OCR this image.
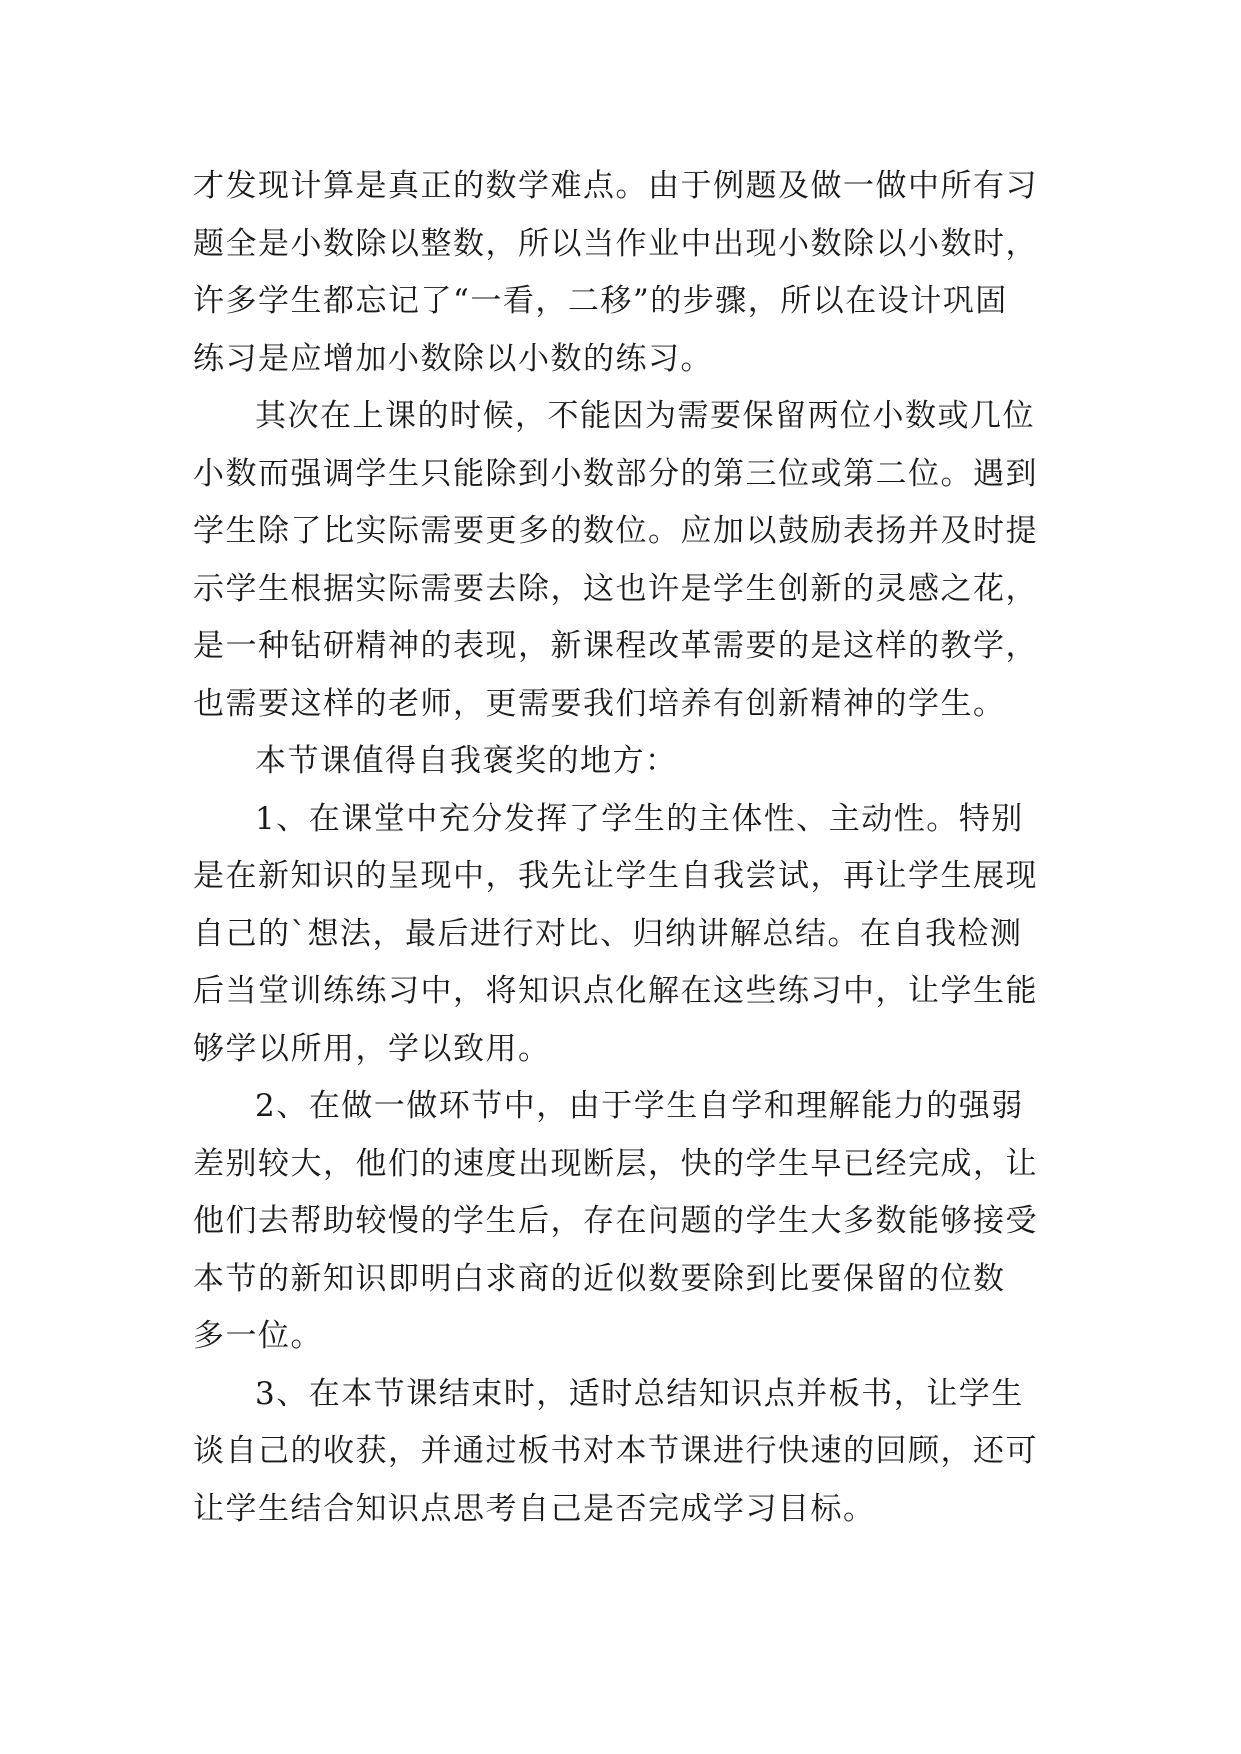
才发现计算是真正的数学难点。由于例题及做一做中所有习
题全是小数除以整数，所以当作业中出现小数除以小数时，
许多学生都忘记了“一看，二移”的步骤，所以在设计巩固
练习是应增加小数除以小数的练习。
其次在上课的时候，不能因为需要保留两位小数或几位
小数而强调学生只能除到小数部分的第三位或第二位。遇到
学生除了比实际需要更多的数位。应加以鼓励表扬并及时提
示学生根据实际需要去除，这也许是学生创新的灵感之花，
是一种钻研精神的表现，新课程改革需要的是这样的教学，
也需要这样的老师，更需要我们培养有创新精神的学生。
本节课值得自我褒奖的地方：
1、在课堂中充分发挥了学生的主体性、主动性。特别
是在新知识的呈现中，我先让学生自我尝试，再让学生展现
自己的`想法，最后进行对比、归纳讲解总结。在自我检测
后当堂训练练习中，将知识点化解在这些练习中，让学生能
够学以所用，学以致用。
2、在做一做环节中，由于学生自学和理解能力的强弱
差别较大，他们的速度出现断层，快的学生早已经完成，让
他们去帮助较慢的学生后，存在问题的学生大多数能够接受
本节的新知识即明白求商的近似数要除到比要保留的位数
多一位。
3、在本节课结束时，适时总结知识点并板书，让学生
谈自己的收获，并通过板书对本节课进行快速的回顾，还可
让学生结合知识点思考自己是否完成学习目标。
